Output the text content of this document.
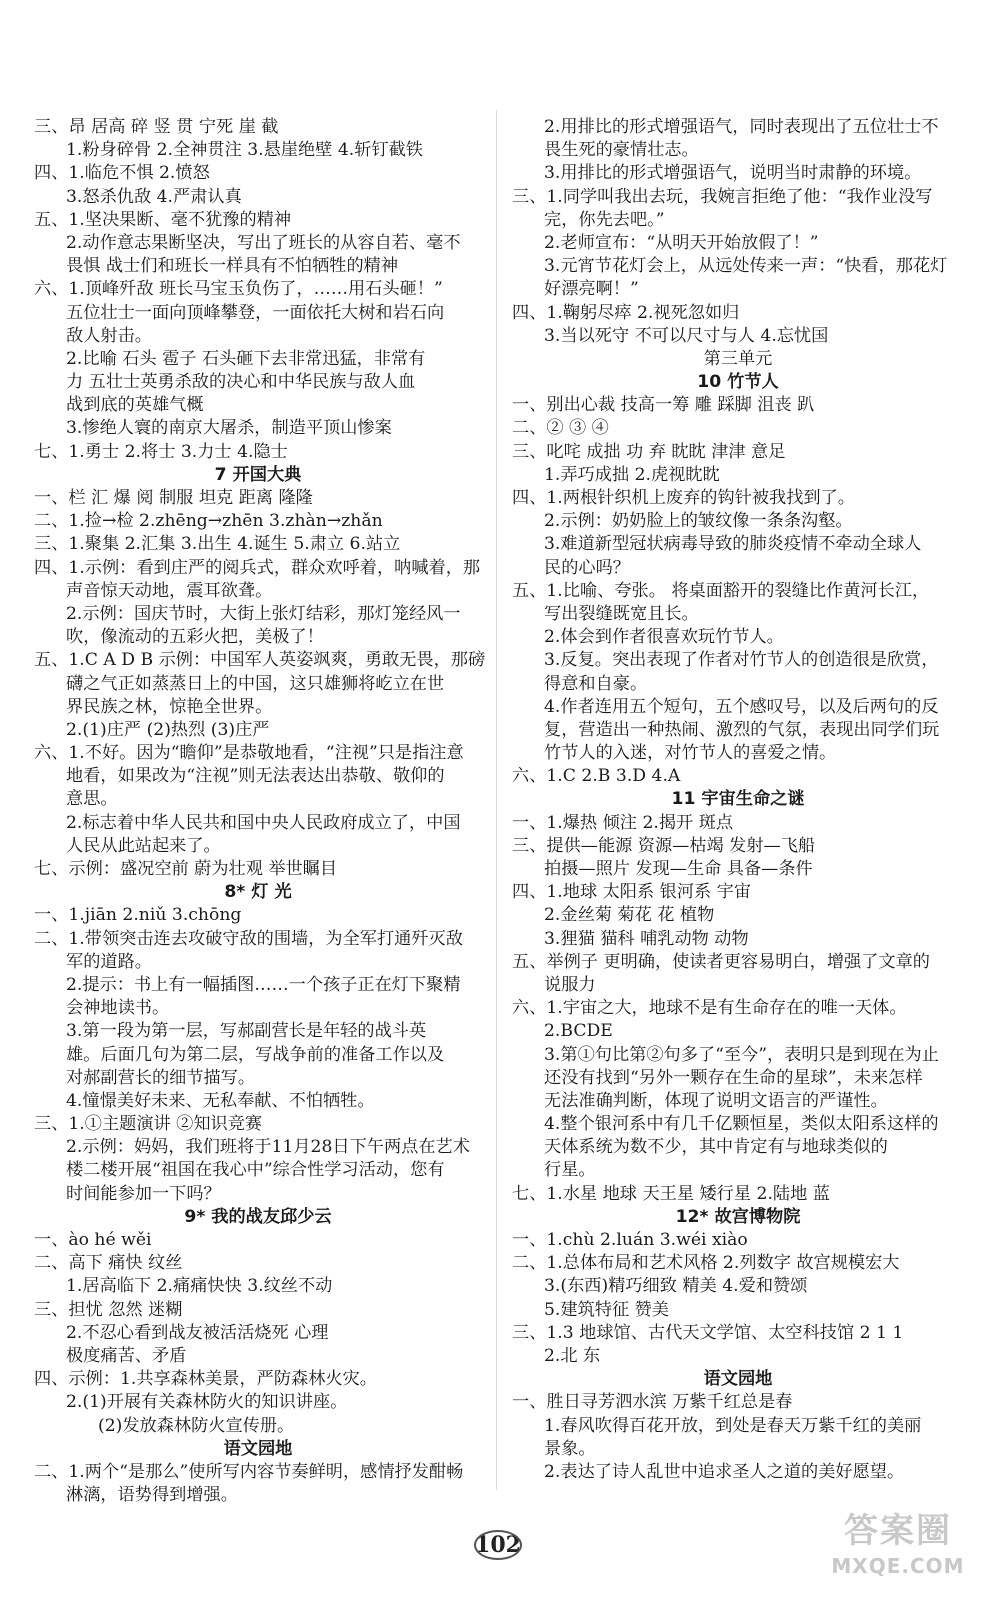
三、昂 居高 碎 竖 贯 宁死 崖 截
1.粉身碎骨 2.全神贯注 3.悬崖绝壁 4.斩钉截铁
四、1.临危不惧 2.愤怒
3.怒杀仇敌 4.严肃认真
五、1.坚决果断、毫不犹豫的精神
2.动作意志果断坚决，写出了班长的从容自若、毫不
畏惧 战士们和班长一样具有不怕牺牲的精神
六、1.顶峰歼敌 班长马宝玉负伤了，……用石头砸！”
五位壮士一面向顶峰攀登，一面依托大树和岩石向
敌人射击。
2.比喻 石头 雹子 石头砸下去非常迅猛，非常有
力 五壮士英勇杀敌的决心和中华民族与敌人血
战到底的英雄气概
3.惨绝人寰的南京大屠杀，制造平顶山惨案
七、1.勇士 2.将士 3.力士 4.隐士
7 开国大典
一、栏 汇 爆 阅 制服 坦克 距离 隆隆
二、1.捡→检 2.zhēng→zhēn 3.zhàn→zhǎn
三、1.聚集 2.汇集 3.出生 4.诞生 5.肃立 6.站立
四、1.示例：看到庄严的阅兵式，群众欢呼着，呐喊着，那
声音惊天动地，震耳欲聋。
2.示例：国庆节时，大街上张灯结彩，那灯笼经风一
吹，像流动的五彩火把，美极了！
五、1.C A D B 示例：中国军人英姿飒爽，勇敢无畏，那磅
礴之气正如蒸蒸日上的中国，这只雄狮将屹立在世
界民族之林，惊艳全世界。
2.(1)庄严 (2)热烈 (3)庄严
六、1.不好。因为“瞻仰”是恭敬地看，“注视”只是指注意
地看，如果改为“注视”则无法表达出恭敬、敬仰的
意思。
2.标志着中华人民共和国中央人民政府成立了，中国
人民从此站起来了。
七、示例：盛况空前 蔚为壮观 举世瞩目
8* 灯 光
一、1.jiān 2.niǔ 3.chōng
二、1.带领突击连去攻破守敌的围墙，为全军打通歼灭敌
军的道路。
2.提示：书上有一幅插图……一个孩子正在灯下聚精
会神地读书。
3.第一段为第一层，写郝副营长是年轻的战斗英
雄。后面几句为第二层，写战争前的准备工作以及
对郝副营长的细节描写。
4.憧憬美好未来、无私奉献、不怕牺牲。
三、1.①主题演讲 ②知识竞赛
2.示例：妈妈，我们班将于11月28日下午两点在艺术
楼二楼开展“祖国在我心中”综合性学习活动，您有
时间能参加一下吗？
9* 我的战友邱少云
一、ào hé wěi
二、高下 痛快 纹丝
1.居高临下 2.痛痛快快 3.纹丝不动
三、担忧 忽然 迷糊
2.不忍心看到战友被活活烧死 心理
极度痛苦、矛盾
四、示例：1.共享森林美景，严防森林火灾。
2.(1)开展有关森林防火的知识讲座。
(2)发放森林防火宣传册。
语文园地
二、1.两个“是那么”使所写内容节奏鲜明，感情抒发酣畅
淋漓，语势得到增强。
2.用排比的形式增强语气，同时表现出了五位壮士不
畏生死的豪情壮志。
3.用排比的形式增强语气，说明当时肃静的环境。
三、1.同学叫我出去玩，我婉言拒绝了他：“我作业没写
完，你先去吧。”
2.老师宣布：“从明天开始放假了！”
3.元宵节花灯会上，从远处传来一声：“快看，那花灯
好漂亮啊！”
四、1.鞠躬尽瘁 2.视死忽如归
3.当以死守 不可以尺寸与人 4.忘忧国
第三单元
10 竹节人
一、别出心裁 技高一筹 雕 踩脚 沮丧 趴
二、② ③ ④
三、叱咤 成拙 功 弃 眈眈 津津 意足
1.弄巧成拙 2.虎视眈眈
四、1.两根针织机上废弃的钩针被我找到了。
2.示例：奶奶脸上的皱纹像一条条沟壑。
3.难道新型冠状病毒导致的肺炎疫情不牵动全球人
民的心吗？
五、1.比喻、夸张。 将桌面豁开的裂缝比作黄河长江，
写出裂缝既宽且长。
2.体会到作者很喜欢玩竹节人。
3.反复。突出表现了作者对竹节人的创造很是欣赏，
得意和自豪。
4.作者连用五个短句，五个感叹号，以及后两句的反
复，营造出一种热闹、激烈的气氛，表现出同学们玩
竹节人的入迷，对竹节人的喜爱之情。
六、1.C 2.B 3.D 4.A
11 宇宙生命之谜
一、1.爆热 倾注 2.揭开 斑点
三、提供—能源 资源—枯竭 发射—飞船
拍摄—照片 发现—生命 具备—条件
四、1.地球 太阳系 银河系 宇宙
2.金丝菊 菊花 花 植物
3.狸猫 猫科 哺乳动物 动物
五、举例子 更明确，使读者更容易明白，增强了文章的
说服力
六、1.宇宙之大，地球不是有生命存在的唯一天体。
2.BCDE
3.第①句比第②句多了“至今”，表明只是到现在为止
还没有找到“另外一颗存在生命的星球”，未来怎样
无法准确判断，体现了说明文语言的严谨性。
4.整个银河系中有几千亿颗恒星，类似太阳系这样的
天体系统为数不少，其中肯定有与地球类似的
行星。
七、1.水星 地球 天王星 矮行星 2.陆地 蓝
12* 故宫博物院
一、1.chù 2.luán 3.wéi xiào
二、1.总体布局和艺术风格 2.列数字 故宫规模宏大
3.(东西)精巧细致 精美 4.爱和赞颂
5.建筑特征 赞美
三、1.3 地球馆、古代天文学馆、太空科技馆 2 1 1
2.北 东
语文园地
一、胜日寻芳泗水滨 万紫千红总是春
1.春风吹得百花开放，到处是春天万紫千红的美丽
景象。
2.表达了诗人乱世中追求圣人之道的美好愿望。
102	答案圈
MXQE.COM
